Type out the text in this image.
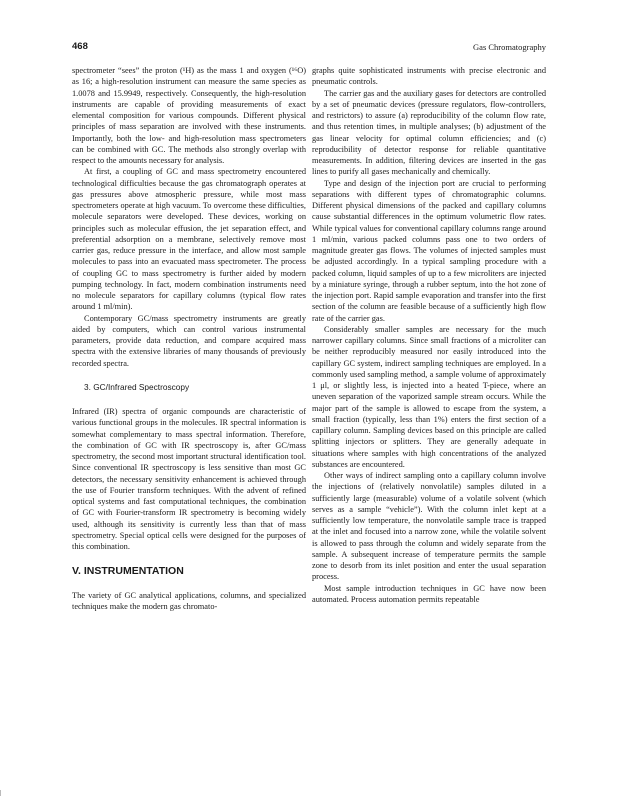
468	Gas Chromatography

spectrometer “sees” the proton (¹H) as the mass 1 and oxygen (¹⁶O) as 16; a high-resolution instrument can measure the same species as 1.0078 and 15.9949, respectively. Consequently, the high-resolution instruments are capable of providing measurements of exact elemental composition for various compounds. Different physical principles of mass separation are involved with these instruments. Importantly, both the low- and high-resolution mass spectrometers can be combined with GC. The methods also strongly overlap with respect to the amounts necessary for analysis.

At first, a coupling of GC and mass spectrometry encountered technological difficulties because the gas chromatograph operates at gas pressures above atmospheric pressure, while most mass spectrometers operate at high vacuum. To overcome these difficulties, molecule separators were developed. These devices, working on principles such as molecular effusion, the jet separation effect, and preferential adsorption on a membrane, selectively remove most carrier gas, reduce pressure in the interface, and allow most sample molecules to pass into an evacuated mass spectrometer. The process of coupling GC to mass spectrometry is further aided by modern pumping technology. In fact, modern combination instruments need no molecule separators for capillary columns (typical flow rates around 1 ml/min).

Contemporary GC/mass spectrometry instruments are greatly aided by computers, which can control various instrumental parameters, provide data reduction, and compare acquired mass spectra with the extensive libraries of many thousands of previously recorded spectra.

3. GC/Infrared Spectroscopy

Infrared (IR) spectra of organic compounds are characteristic of various functional groups in the molecules. IR spectral information is somewhat complementary to mass spectral information. Therefore, the combination of GC with IR spectroscopy is, after GC/mass spectrometry, the second most important structural identification tool. Since conventional IR spectroscopy is less sensitive than most GC detectors, the necessary sensitivity enhancement is achieved through the use of Fourier transform techniques. With the advent of refined optical systems and fast computational techniques, the combination of GC with Fourier-transform IR spectrometry is becoming widely used, although its sensitivity is currently less than that of mass spectrometry. Special optical cells were designed for the purposes of this combination.

V. INSTRUMENTATION

The variety of GC analytical applications, columns, and specialized techniques make the modern gas chromato-

graphs quite sophisticated instruments with precise electronic and pneumatic controls.

The carrier gas and the auxiliary gases for detectors are controlled by a set of pneumatic devices (pressure regulators, flow-controllers, and restrictors) to assure (a) reproducibility of the column flow rate, and thus retention times, in multiple analyses; (b) adjustment of the gas linear velocity for optimal column efficiencies; and (c) reproducibility of detector response for reliable quantitative measurements. In addition, filtering devices are inserted in the gas lines to purify all gases mechanically and chemically.

Type and design of the injection port are crucial to performing separations with different types of chromatographic columns. Different physical dimensions of the packed and capillary columns cause substantial differences in the optimum volumetric flow rates. While typical values for conventional capillary columns range around 1 ml/min, various packed columns pass one to two orders of magnitude greater gas flows. The volumes of injected samples must be adjusted accordingly. In a typical sampling procedure with a packed column, liquid samples of up to a few microliters are injected by a miniature syringe, through a rubber septum, into the hot zone of the injection port. Rapid sample evaporation and transfer into the first section of the column are feasible because of a sufficiently high flow rate of the carrier gas.

Considerably smaller samples are necessary for the much narrower capillary columns. Since small fractions of a microliter can be neither reproducibly measured nor easily introduced into the capillary GC system, indirect sampling techniques are employed. In a commonly used sampling method, a sample volume of approximately 1 μl, or slightly less, is injected into a heated T-piece, where an uneven separation of the vaporized sample stream occurs. While the major part of the sample is allowed to escape from the system, a small fraction (typically, less than 1%) enters the first section of a capillary column. Sampling devices based on this principle are called splitting injectors or splitters. They are generally adequate in situations where samples with high concentrations of the analyzed substances are encountered.

Other ways of indirect sampling onto a capillary column involve the injections of (relatively nonvolatile) samples diluted in a sufficiently large (measurable) volume of a volatile solvent (which serves as a sample “vehicle”). With the column inlet kept at a sufficiently low temperature, the nonvolatile sample trace is trapped at the inlet and focused into a narrow zone, while the volatile solvent is allowed to pass through the column and widely separate from the sample. A subsequent increase of temperature permits the sample zone to desorb from its inlet position and enter the usual separation process.

Most sample introduction techniques in GC have now been automated. Process automation permits repeatable
